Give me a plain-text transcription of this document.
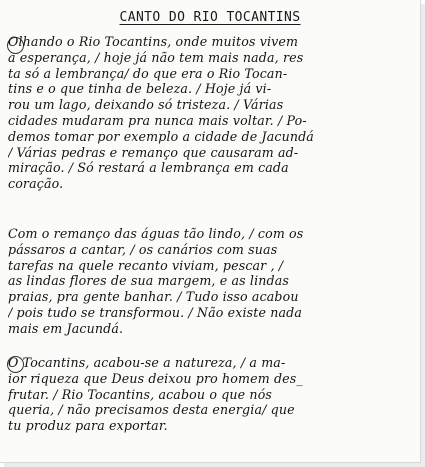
CANTO DO RIO TOCANTINS
Olhando o Rio Tocantins, onde muitos vivem
a esperança, / hoje já não tem mais nada, res
ta só a lembrança/ do que era o Rio Tocan-
tins e o que tinha de beleza. / Hoje já vi-
rou um lago, deixando só tristeza. / Várias
cidades mudaram pra nunca mais voltar. / Po-
demos tomar por exemplo a cidade de Jacundá
/ Várias pedras e remanço que causaram ad-
miração. / Só restará a lembrança em cada
coração.
Com o remanço das águas tão lindo, / com os
pássaros a cantar, / os canários com suas
tarefas na quele recanto viviam, pescar , /
as lindas flores de sua margem, e as lindas
praias, pra gente banhar. / Tudo isso acabou
/ pois tudo se transformou. / Não existe nada
mais em Jacundá.
O Tocantins, acabou-se a natureza, / a ma-
ior riqueza que Deus deixou pro homem des_
frutar. / Rio Tocantins, acabou o que nós
queria, / não precisamos desta energia/ que
tu produz para exportar.
